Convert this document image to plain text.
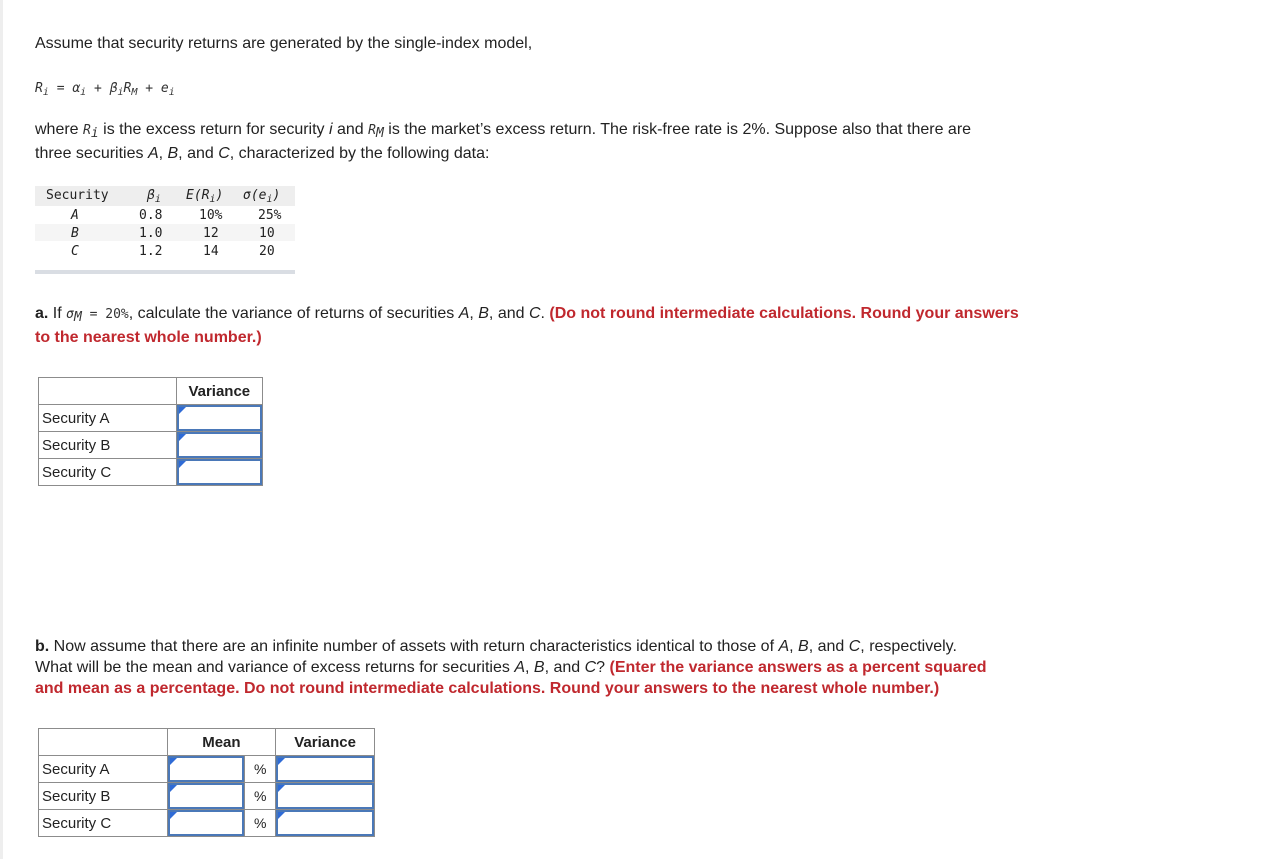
Assume that security returns are generated by the single-index model,
$R_i = \alpha_i + \beta_iR_M + e_i$
where $R_i$ is the excess return for security i and $R_M$ is the market’s excess return. The risk-free rate is 2%. Suppose also that there are
three securities A, B, and C, characterized by the following data:
Security	$\beta_i$ $E(R_i)$ $\sigma(e_i)$
A	0.8	10%	25%
B	1.0	12	10
C	1.2	14	20
a. If $\sigma_M = 20\%$, calculate the variance of returns of securities A, B, and C. (Do not round intermediate calculations. Round your answers
to the nearest whole number.)
	Variance
Security A	

Security B	

Security C	
b. Now assume that there are an infinite number of assets with return characteristics identical to those of A, B, and C, respectively.
What will be the mean and variance of excess returns for securities A, B, and C? (Enter the variance answers as a percent squared
and mean as a percentage. Do not round intermediate calculations. Round your answers to the nearest whole number.)
	Mean		Variance
Security A		%	

Security B		%	

Security C		%	
